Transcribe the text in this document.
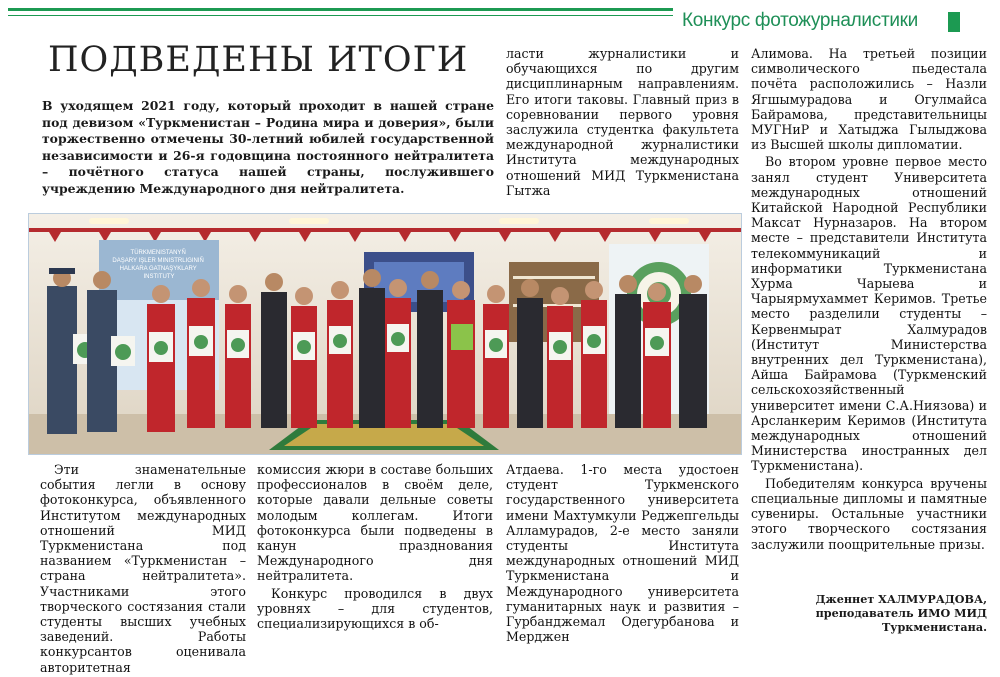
Конкурс фотожурналистики
ПОДВЕДЕНЫ ИТОГИ
В уходящем 2021 году, который проходит в нашей стране под девизом «Туркменистан – Родина мира и доверия», были торжественно отмечены 30-летний юбилей государственной независимости и 26-я годовщина постоянного нейтралитета – почётного статуса нашей страны, послужившего учреждению Международного дня нейтралитета.

ласти журналистики и обучающихся по другим дисциплинарным направлениям. Его итоги таковы. Главный приз в соревновании первого уровня заслужила студентка факультета международной журналистики Института международных отношений МИД Туркменистана Гытжа

Алимова. На третьей позиции символического пьедестала почёта расположились – Назли Ягшымурадова и Огулмайса Байрамова, представительницы МУГНиР и Хатыджа Гылыджова из Высшей школы дипломатии.

Во втором уровне первое место занял студент Университета международных отношений Китайской Народной Республики Максат Нурназаров. На втором месте – представители Института телекоммуникаций и информатики Туркменистана Хурма Чарыева и Чарыярмухаммет Керимов. Третье место разделили студенты – Кервенмырат Халмурадов (Институт Министерства внутренних дел Туркменистана), Айша Байрамова (Туркменский сельскохозяйственный университет имени С.А.Ниязова) и Арсланкерим Керимов (Института международных отношений Министерства иностранных дел Туркменистана).

Победителям конкурса вручены специальные дипломы и памятные сувениры. Остальные участники этого творческого состязания заслужили поощрительные призы.

TÜRKMENISTANYŇ DAŞARY IŞLER MINISTRLIGINIŇ HALKARA GATNAŞYKLARY INSTITUTY

Эти знаменательные события легли в основу фотоконкурса, объявленного Институтом международных отношений МИД Туркменистана под названием «Туркменистан – страна нейтралитета». Участниками этого творческого состязания стали студенты высших учебных заведений. Работы конкурсантов оценивала авторитетная

комиссия жюри в составе больших профессионалов в своём деле, которые давали дельные советы молодым коллегам. Итоги фотоконкурса были подведены в канун празднования Международного дня нейтралитета.

Конкурс проводился в двух уровнях – для студентов, специализирующихся в об-

Атдаева. 1-го места удостоен студент Туркменского государственного университета имени Махтумкули Реджепгельды Алламурадов, 2-е место заняли студенты Института международных отношений МИД Туркменистана и Международного университета гуманитарных наук и развития – Гурбанджемал Одегурбанова и Мерджен

Дженнет ХАЛМУРАДОВА,
преподаватель ИМО МИД
Туркменистана.
